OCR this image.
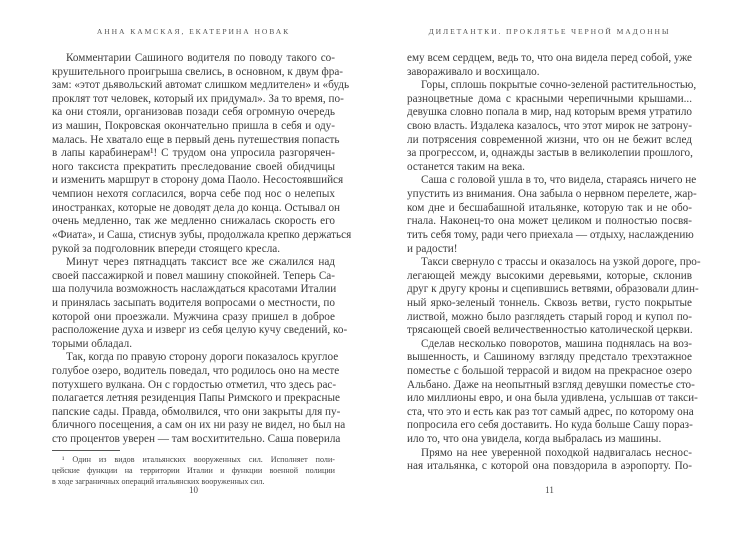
АННА КАМСКАЯ, ЕКАТЕРИНА НОВАК
Комментарии Сашиного водителя по поводу такого со-
крушительного проигрыша свелись, в основном, к двум фра-
зам: «этот дьявольский автомат слишком медлителен» и «будь
проклят тот человек, который их придумал». За то время, по-
ка они стояли, организовав позади себя огромную очередь
из машин, Покровская окончательно пришла в себя и оду-
малась. Не хватало еще в первый день путешествия попасть
в лапы карабинерам¹! С трудом она упросила разгорячен-
ного таксиста прекратить преследование своей обидчицы
и изменить маршрут в сторону дома Паоло. Несостоявшийся
чемпион нехотя согласился, ворча себе под нос о нелепых
иностранках, которые не доводят дела до конца. Остывал он
очень медленно, так же медленно снижалась скорость его
«Фиата», и Саша, стиснув зубы, продолжала крепко держаться
рукой за подголовник впереди стоящего кресла.
Минут через пятнадцать таксист все же сжалился над
своей пассажиркой и повел машину спокойней. Теперь Са-
ша получила возможность наслаждаться красотами Италии
и принялась засыпать водителя вопросами о местности, по
которой они проезжали. Мужчина сразу пришел в доброе
расположение духа и изверг из себя целую кучу сведений, ко-
торыми обладал.
Так, когда по правую сторону дороги показалось круглое
голубое озеро, водитель поведал, что родилось оно на месте
потухшего вулкана. Он с гордостью отметил, что здесь рас-
полагается летняя резиденция Папы Римского и прекрасные
папские сады. Правда, обмолвился, что они закрыты для пу-
бличного посещения, а сам он их ни разу не видел, но был на
сто процентов уверен — там восхитительно. Саша поверила
¹ Один из видов итальянских вооруженных сил. Исполняет поли-
цейские функции на территории Италии и функции военной полиции
в ходе заграничных операций итальянских вооруженных сил.
10
ДИЛЕТАНТКИ. ПРОКЛЯТЬЕ ЧЕРНОЙ МАДОННЫ
ему всем сердцем, ведь то, что она видела перед собой, уже
завораживало и восхищало.
Горы, сплошь покрытые сочно-зеленой растительностью,
разноцветные дома с красными черепичными крышами...
девушка словно попала в мир, над которым время утратило
свою власть. Издалека казалось, что этот мирок не затрону-
ли потрясения современной жизни, что он не бежит вслед
за прогрессом, и, однажды застыв в великолепии прошлого,
останется таким на века.
Саша с головой ушла в то, что видела, стараясь ничего не
упустить из внимания. Она забыла о нервном перелете, жар-
ком дне и бесшабашной итальянке, которую так и не обо-
гнала. Наконец-то она может целиком и полностью посвя-
тить себя тому, ради чего приехала — отдыху, наслаждению
и радости!
Такси свернуло с трассы и оказалось на узкой дороге, про-
легающей между высокими деревьями, которые, склонив
друг к другу кроны и сцепившись ветвями, образовали длин-
ный ярко-зеленый тоннель. Сквозь ветви, густо покрытые
листвой, можно было разглядеть старый город и купол по-
трясающей своей величественностью католической церкви.
Сделав несколько поворотов, машина поднялась на воз-
вышенность, и Сашиному взгляду предстало трехэтажное
поместье с большой террасой и видом на прекрасное озеро
Альбано. Даже на неопытный взгляд девушки поместье сто-
ило миллионы евро, и она была удивлена, услышав от такси-
ста, что это и есть как раз тот самый адрес, по которому она
попросила его себя доставить. Но куда больше Сашу пораз-
ило то, что она увидела, когда выбралась из машины.
Прямо на нее уверенной походкой надвигалась неснос-
ная итальянка, с которой она повздорила в аэропорту. По-
11
